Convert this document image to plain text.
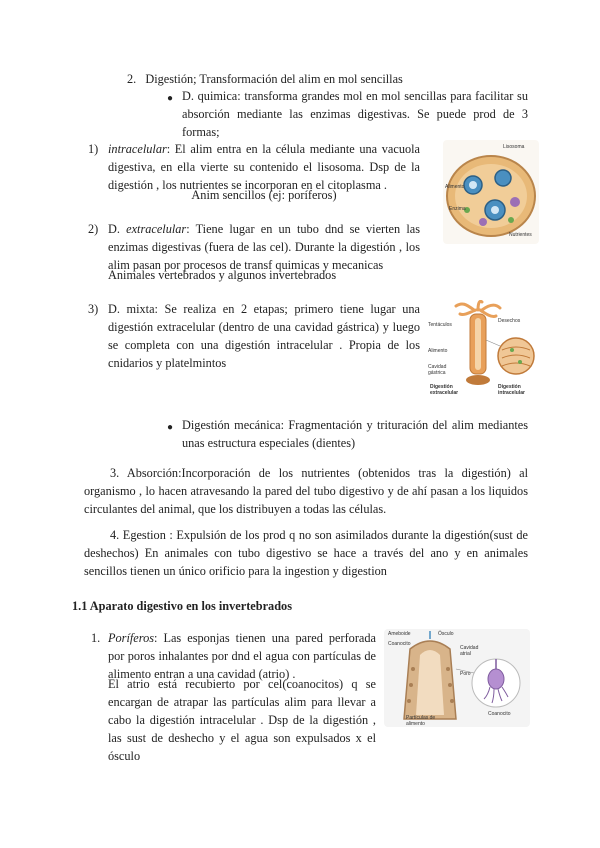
2. Digestión; Transformación del alim en mol sencillas
● D. quimica: transforma grandes mol en mol sencillas para facilitar su absorción mediante las enzimas digestivas. Se puede prod de 3 formas;
1) intracelular: El alim entra en la célula mediante una vacuola digestiva, en ella vierte su contenido el lisosoma. Dsp de la digestión , los nutrientes se incorporan en el citoplasma .
Anim sencillos (ej: poríferos)
Lisosoma
Alimento
Enzima
Nutrientes
2) D. extracelular: Tiene lugar en un tubo dnd se vierten las enzimas digestivas (fuera de las cel). Durante la digestión , los alim pasan por procesos de transf quimicas y mecanicas
Animales vertebrados y algunos invertebrados
3) D. mixta: Se realiza en 2 etapas; primero tiene lugar una digestión extracelular (dentro de una cavidad gástrica) y luego se completa con una digestión intracelular . Propia de los cnidarios y platelmintos
Tentáculos
Alimento
Cavidad gástrica
Digestión extracelular
Digestión intracelular
Desechos
● Digestión mecánica: Fragmentación y trituración del alim mediantes unas estructura especiales (dientes)
3. Absorción:Incorporación de los nutrientes (obtenidos tras la digestión) al organismo , lo hacen atravesando la pared del tubo digestivo y de ahí pasan a los liquidos circulantes del animal, que los distribuyen a todas las células.
4. Egestion : Expulsión de los prod q no son asimilados durante la digestión(sust de deshechos) En animales con tubo digestivo se hace a través del ano y en animales sencillos tienen un único orificio para la ingestion y digestion
1.1 Aparato digestivo en los invertebrados
1. Poríferos: Las esponjas tienen una pared perforada por poros inhalantes por dnd el agua con partículas de alimento entran a una cavidad (atrio) .
El atrio está recubierto por cel(coanocitos) q se encargan de atrapar las partículas alim para llevar a cabo la digestión intracelular . Dsp de la digestión , las sust de deshecho y el agua son expulsados x el ósculo
Ameboide	Ósculo
Coanocito
Cavidad atrial
Poro
Coanocito
Partículas de alimento
